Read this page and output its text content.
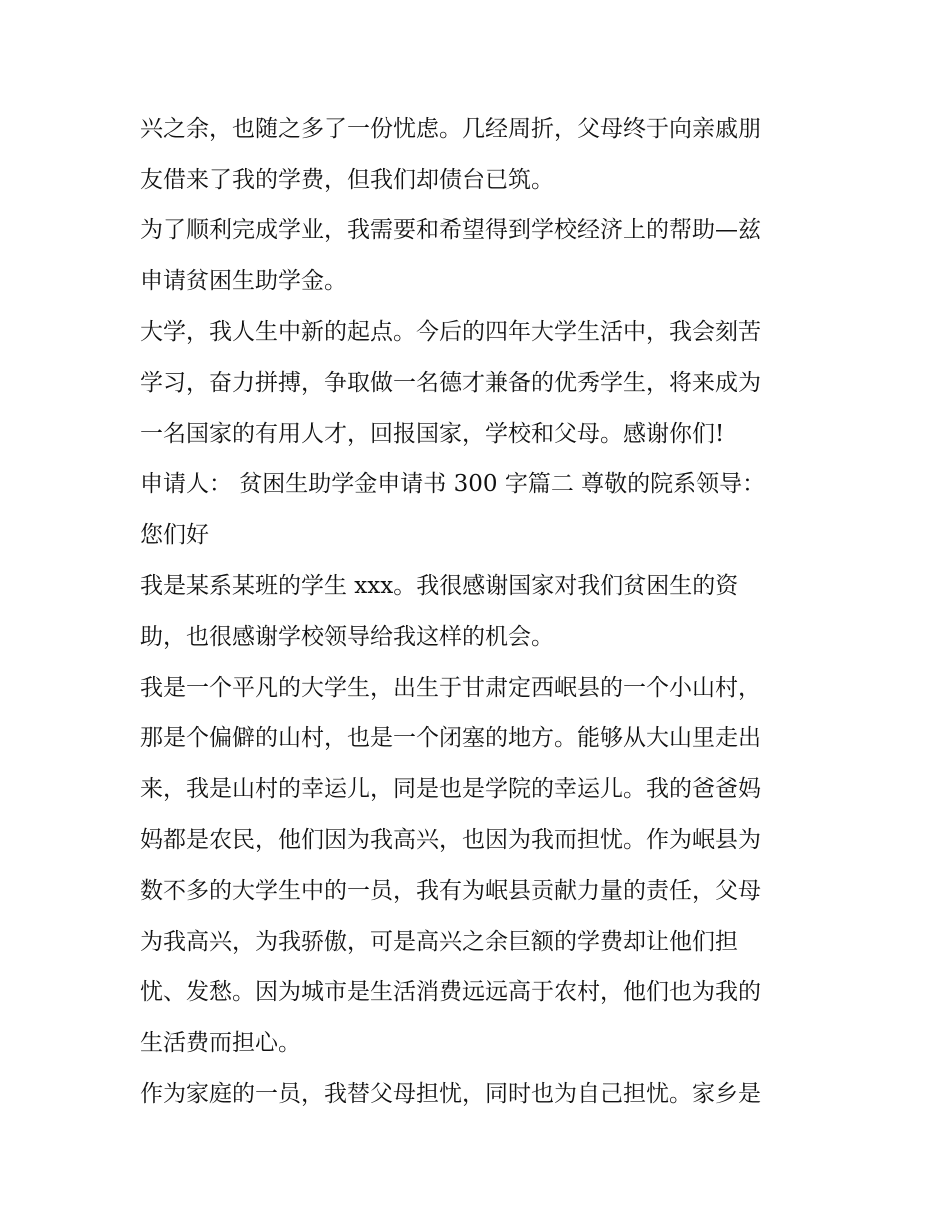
兴之余，也随之多了一份忧虑。几经周折，父母终于向亲戚朋
友借来了我的学费，但我们却债台已筑。
为了顺利完成学业，我需要和希望得到学校经济上的帮助—兹
申请贫困生助学金。
大学，我人生中新的起点。今后的四年大学生活中，我会刻苦
学习，奋力拼搏，争取做一名德才兼备的优秀学生，将来成为
一名国家的有用人才，回报国家，学校和父母。感谢你们!
申请人： 贫困生助学金申请书 300 字篇二 尊敬的院系领导：
您们好
我是某系某班的学生 xxx。我很感谢国家对我们贫困生的资
助，也很感谢学校领导给我这样的机会。
我是一个平凡的大学生，出生于甘肃定西岷县的一个小山村，
那是个偏僻的山村，也是一个闭塞的地方。能够从大山里走出
来，我是山村的幸运儿，同是也是学院的幸运儿。我的爸爸妈
妈都是农民，他们因为我高兴，也因为我而担忧。作为岷县为
数不多的大学生中的一员，我有为岷县贡献力量的责任，父母
为我高兴，为我骄傲，可是高兴之余巨额的学费却让他们担
忧、发愁。因为城市是生活消费远远高于农村，他们也为我的
生活费而担心。
作为家庭的一员，我替父母担忧，同时也为自己担忧。家乡是
